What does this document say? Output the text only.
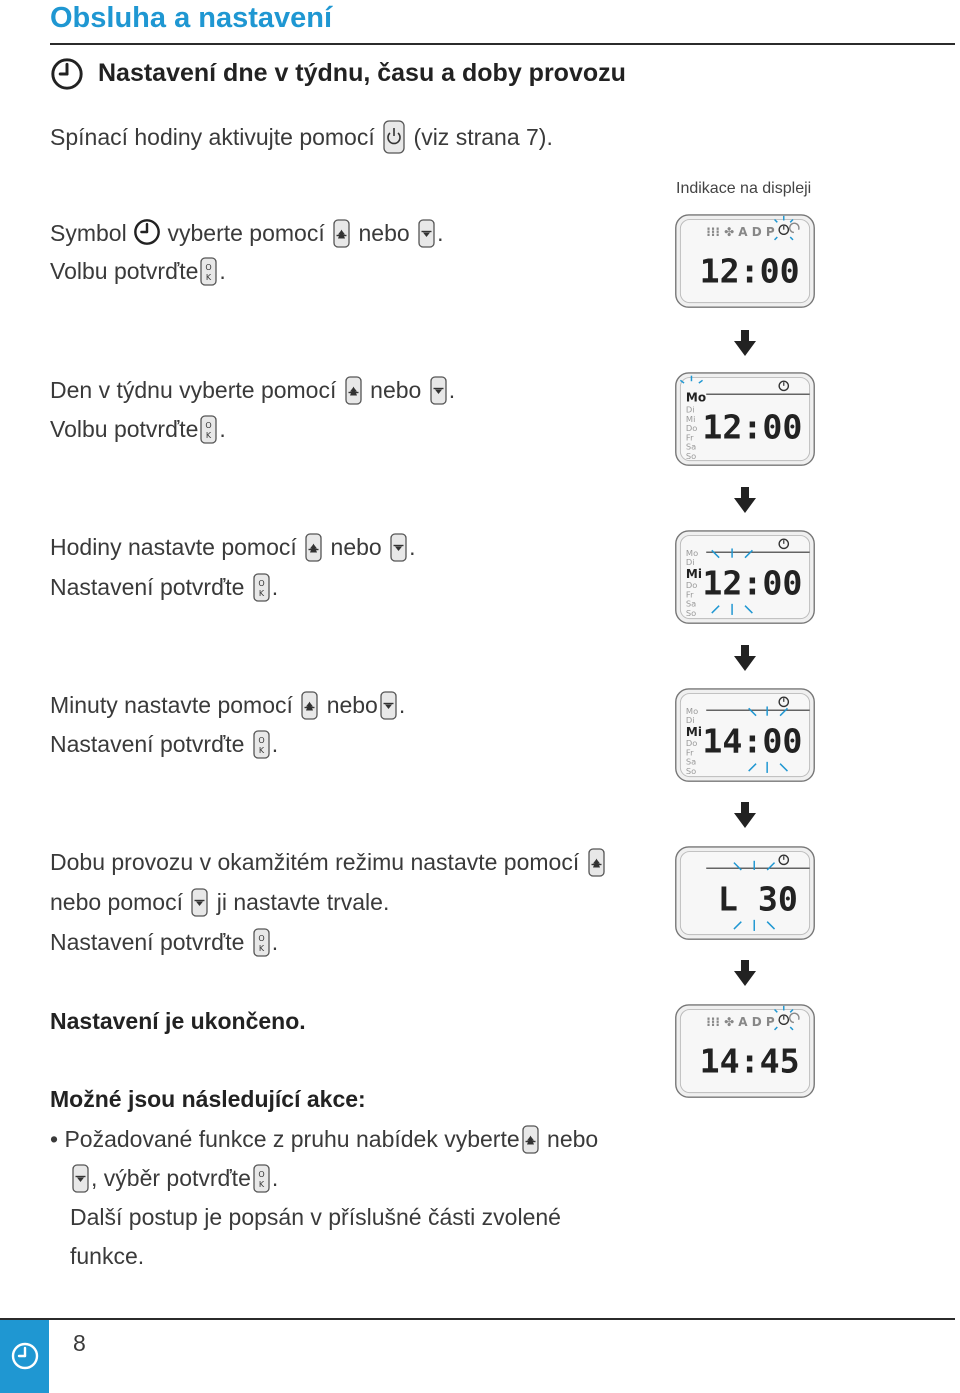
Obsluha a nastavení
Nastavení dne v týdnu, času a doby provozu
Spínací hodiny aktivujte pomocí (viz strana 7).
Indikace na displeji
Symbol vyberte pomocí nebo .
Volbu potvrďte .
Den v týdnu vyberte pomocí nebo .
Volbu potvrďte .
Hodiny nastavte pomocí nebo .
Nastavení potvrďte .
Minuty nastavte pomocí nebo .
Nastavení potvrďte .
Dobu provozu v okamžitém režimu nastavte pomocí
nebo pomocí ji nastavte trvale.
Nastavení potvrďte .
Nastavení je ukončeno.
Možné jsou následující akce:
• Požadované funkce z pruhu nabídek vyberte nebo
, výběr potvrďte .
Další postup je popsán v příslušné části zvolené
funkce.
⁝⁝⁝ ✤ A D P
12:00
Mo
Di
Mi
Do
Fr
Sa
So
12:00
Mo
Di
Mi
Do
Fr
Sa
So
12:00
Mo
Di
Mi
Do
Fr
Sa
So
14:00
L 30
⁝⁝⁝ ✤ A D P
14:45
8
